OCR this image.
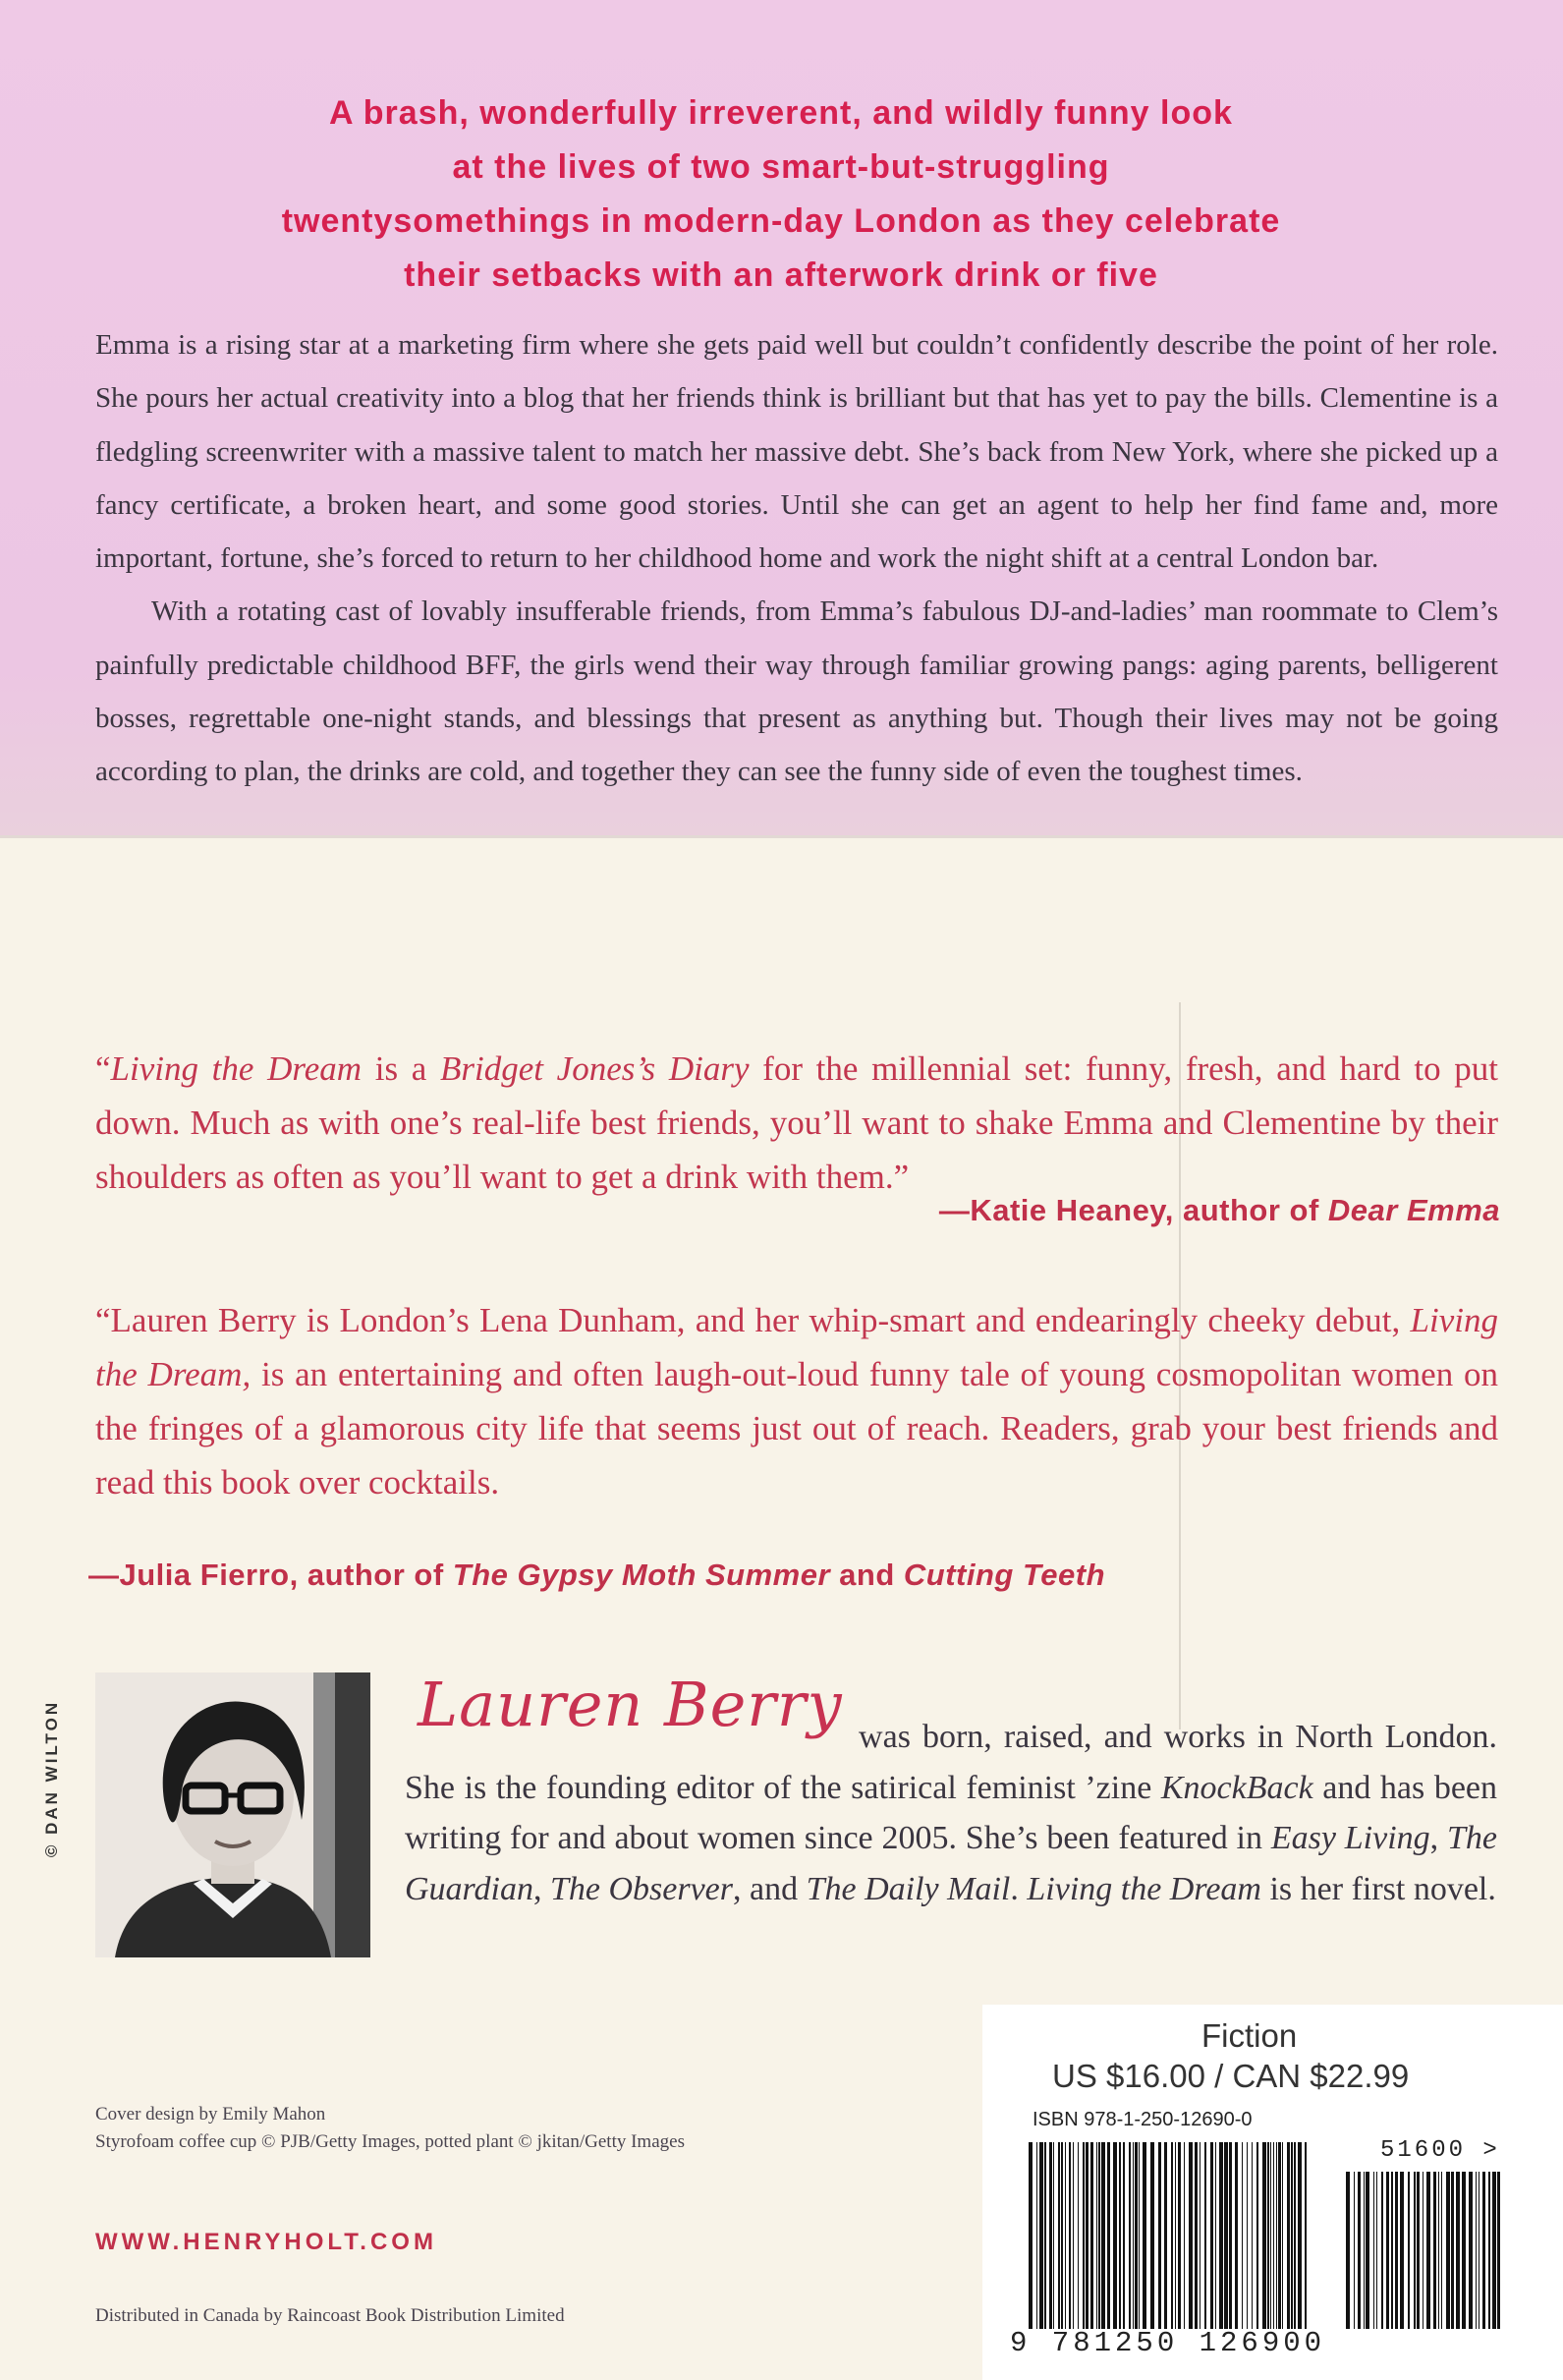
A brash, wonderfully irreverent, and wildly funny look
at the lives of two smart-but-struggling
twentysomethings in modern-day London as they celebrate
their setbacks with an afterwork drink or five

Emma is a rising star at a marketing firm where she gets paid well but couldn’t confidently describe the point of her role. She pours her actual creativity into a blog that her friends think is brilliant but that has yet to pay the bills. Clementine is a fledgling screenwriter with a massive talent to match her massive debt. She’s back from New York, where she picked up a fancy certificate, a broken heart, and some good stories. Until she can get an agent to help her find fame and, more important, fortune, she’s forced to return to her childhood home and work the night shift at a central London bar.

With a rotating cast of lovably insufferable friends, from Emma’s fabulous DJ-and-ladies’ man roommate to Clem’s painfully predictable childhood BFF, the girls wend their way through familiar growing pangs: aging parents, belligerent bosses, regrettable one-night stands, and blessings that present as anything but. Though their lives may not be going according to plan, the drinks are cold, and together they can see the funny side of even the toughest times.

“Living the Dream is a Bridget Jones’s Diary for the millennial set: funny, fresh, and hard to put down. Much as with one’s real-life best friends, you’ll want to shake Emma and Clementine by their shoulders as often as you’ll want to get a drink with them.”
—Katie Heaney, author of Dear Emma
“Lauren Berry is London’s Lena Dunham, and her whip-smart and endearingly cheeky debut, Living the Dream, is an entertaining and often laugh-out-loud funny tale of young cosmopolitan women on the fringes of a glamorous city life that seems just out of reach. Readers, grab your best friends and read this book over cocktails.
—Julia Fierro, author of The Gypsy Moth Summer and Cutting Teeth
© DAN WILTON	Lauren Berry was born, raised, and works in North London. She is the founding editor of the satirical feminist ’zine KnockBack and has been writing for and about women since 2005. She’s been featured in Easy Living, The Guardian, The Observer, and The Daily Mail. Living the Dream is her first novel.
Fiction
US $16.00 / CAN $22.99
ISBN 978-1-250-12690-0
9 781250 126900
51600 >
Cover design by Emily Mahon
Styrofoam coffee cup © PJB/Getty Images, potted plant © jkitan/Getty Images
WWW.HENRYHOLT.COM
Distributed in Canada by Raincoast Book Distribution Limited
